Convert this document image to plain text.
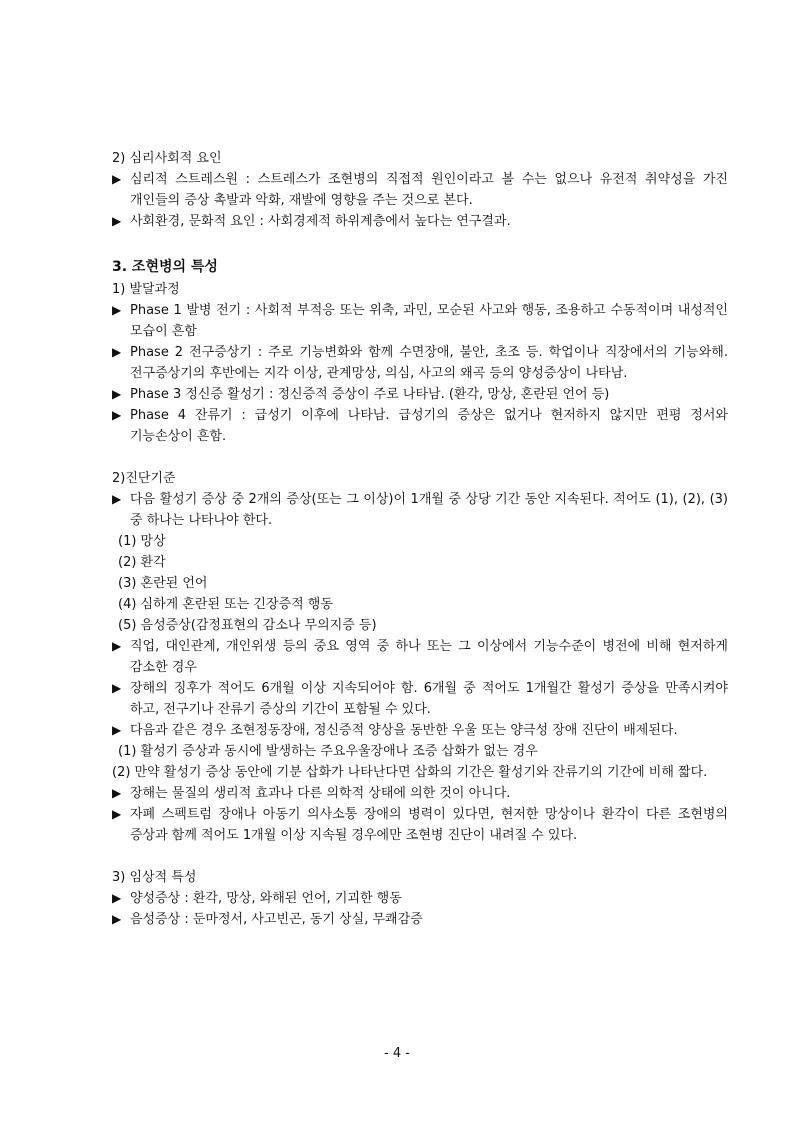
2) 심리사회적 요인
▶ 심리적 스트레스원 : 스트레스가 조현병의 직접적 원인이라고 볼 수는 없으나 유전적 취약성을 가진 개인들의 증상 촉발과 악화, 재발에 영향을 주는 것으로 본다.
▶ 사회환경, 문화적 요인 : 사회경제적 하위계층에서 높다는 연구결과.
3. 조현병의 특성
1) 발달과정
▶ Phase 1 발병 전기 : 사회적 부적응 또는 위축, 과민, 모순된 사고와 행동, 조용하고 수동적이며 내성적인 모습이 흔함
▶ Phase 2 전구증상기 : 주로 기능변화와 함께 수면장애, 불안, 초조 등. 학업이나 직장에서의 기능와해. 전구증상기의 후반에는 지각 이상, 관계망상, 의심, 사고의 왜곡 등의 양성증상이 나타남.
▶ Phase 3 정신증 활성기 : 정신증적 증상이 주로 나타남. (환각, 망상, 혼란된 언어 등)
▶ Phase 4 잔류기 : 급성기 이후에 나타남. 급성기의 증상은 없거나 현저하지 않지만 편평 정서와 기능손상이 흔함.
2)진단기준
▶ 다음 활성기 증상 중 2개의 증상(또는 그 이상)이 1개월 중 상당 기간 동안 지속된다. 적어도 (1), (2), (3) 중 하나는 나타나야 한다.
(1) 망상
(2) 환각
(3) 혼란된 언어
(4) 심하게 혼란된 또는 긴장증적 행동
(5) 음성증상(감정표현의 감소나 무의지증 등)
▶ 직업, 대인관계, 개인위생 등의 중요 영역 중 하나 또는 그 이상에서 기능수준이 병전에 비해 현저하게 감소한 경우
▶ 장해의 징후가 적어도 6개월 이상 지속되어야 함. 6개월 중 적어도 1개월간 활성기 증상을 만족시켜야 하고, 전구기나 잔류기 증상의 기간이 포함될 수 있다.
▶ 다음과 같은 경우 조현정동장애, 정신증적 양상을 동반한 우울 또는 양극성 장애 진단이 배제된다.
(1) 활성기 증상과 동시에 발생하는 주요우울장애나 조증 삽화가 없는 경우
(2) 만약 활성기 증상 동안에 기분 삽화가 나타난다면 삽화의 기간은 활성기와 잔류기의 기간에 비해 짧다.
▶ 장해는 물질의 생리적 효과나 다른 의학적 상태에 의한 것이 아니다.
▶ 자폐 스펙트럼 장애나 아동기 의사소통 장애의 병력이 있다면, 현저한 망상이나 환각이 다른 조현병의 증상과 함께 적어도 1개월 이상 지속될 경우에만 조현병 진단이 내려질 수 있다.
3) 임상적 특성
▶ 양성증상 : 환각, 망상, 와해된 언어, 기괴한 행동
▶ 음성증상 : 둔마정서, 사고빈곤, 동기 상실, 무쾌감증
- 4 -
